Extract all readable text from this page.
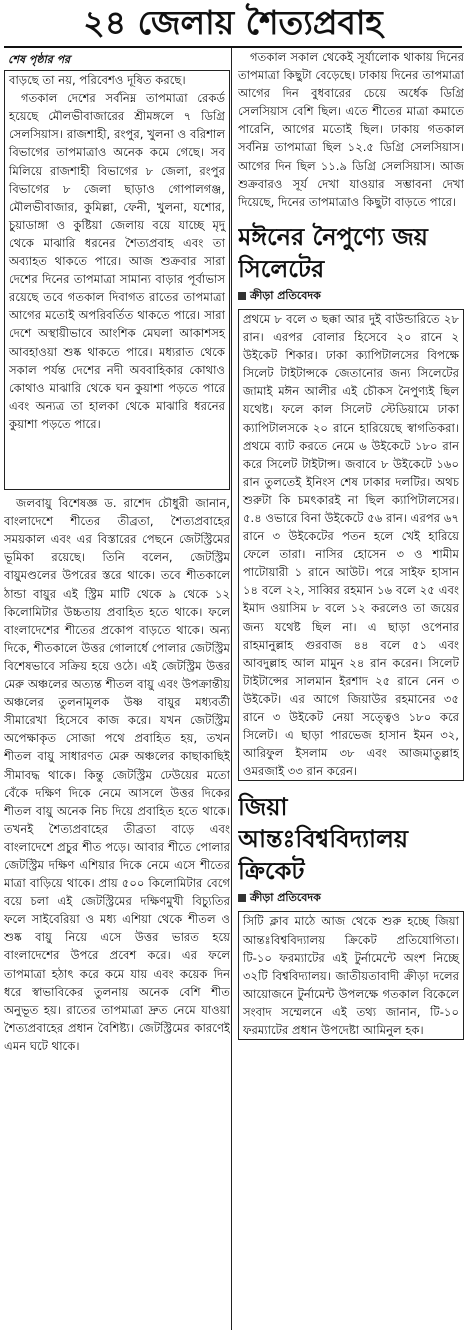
২৪ জেলায় শৈত্যপ্রবাহ
শেষ পৃষ্ঠার পর

বাড়ছে তা নয়, পরিবেশও দূষিত করছে।

গতকাল দেশের সর্বনিম্ন তাপমাত্রা রেকর্ড হয়েছে মৌলভীবাজারের শ্রীমঙ্গলে ৭ ডিগ্রি সেলসিয়াস। রাজশাহী, রংপুর, খুলনা ও বরিশাল বিভাগের তাপমাত্রাও অনেক কমে গেছে। সব মিলিয়ে রাজশাহী বিভাগের ৮ জেলা, রংপুর বিভাগের ৮ জেলা ছাড়াও গোপালগঞ্জ, মৌলভীবাজার, কুমিল্লা, ফেনী, খুলনা, যশোর, চুয়াডাঙ্গা ও কুষ্টিয়া জেলায় বয়ে যাচ্ছে মৃদু থেকে মাঝারি ধরনের শৈত্যপ্রবাহ এবং তা অব্যাহত থাকতে পারে। আজ শুক্রবার সারা দেশের দিনের তাপমাত্রা সামান্য বাড়ার পূর্বাভাস রয়েছে তবে গতকাল দিবাগত রাতের তাপমাত্রা আগের মতোই অপরিবর্তিত থাকতে পারে। সারা দেশে অস্থায়ীভাবে আংশিক মেঘলা আকাশসহ আবহাওয়া শুষ্ক থাকতে পারে। মধ্যরাত থেকে সকাল পর্যন্ত দেশের নদী অববাহিকার কোথাও কোথাও মাঝারি থেকে ঘন কুয়াশা পড়তে পারে এবং অন্যত্র তা হালকা থেকে মাঝারি ধরনের কুয়াশা পড়তে পারে।

জলবায়ু বিশেষজ্ঞ ড. রাশেদ চৌধুরী জানান, বাংলাদেশে শীতের তীব্রতা, শৈত্যপ্রবাহের সময়কাল এবং এর বিস্তারের পেছনে জেটস্ট্রিমের ভূমিকা রয়েছে। তিনি বলেন, জেটস্ট্রিম বায়ুমণ্ডলের উপরের স্তরে থাকে। তবে শীতকালে ঠান্ডা বায়ুর এই স্ট্রিম মাটি থেকে ৯ থেকে ১২ কিলোমিটার উচ্চতায় প্রবাহিত হতে থাকে। ফলে বাংলাদেশের শীতের প্রকোপ বাড়তে থাকে। অন্য দিকে, শীতকালে উত্তর গোলার্ধে পোলার জেটস্ট্রিম বিশেষভাবে সক্রিয় হয়ে ওঠে। এই জেটস্ট্রিম উত্তর মেরু অঞ্চলের অত্যন্ত শীতল বায়ু এবং উপক্রান্তীয় অঞ্চলের তুলনামূলক উষ্ণ বায়ুর মধ্যবর্তী সীমারেখা হিসেবে কাজ করে। যখন জেটস্ট্রিম অপেক্ষাকৃত সোজা পথে প্রবাহিত হয়, তখন শীতল বায়ু সাধারণত মেরু অঞ্চলের কাছাকাছিই সীমাবদ্ধ থাকে। কিন্তু জেটস্ট্রিম ঢেউয়ের মতো বেঁকে দক্ষিণ দিকে নেমে আসলে উত্তর দিকের শীতল বায়ু অনেক নিচ দিয়ে প্রবাহিত হতে থাকে। তখনই শৈত্যপ্রবাহের তীব্রতা বাড়ে এবং বাংলাদেশে প্রচুর শীত পড়ে। আবার শীতে পোলার জেটস্ট্রিম দক্ষিণ এশিয়ার দিকে নেমে এসে শীতের মাত্রা বাড়িয়ে থাকে। প্রায় ৫০০ কিলোমিটার বেগে বয়ে চলা এই জেটস্ট্রিমের দক্ষিণমুখী বিচ্যুতির ফলে সাইবেরিয়া ও মধ্য এশিয়া থেকে শীতল ও শুষ্ক বায়ু নিয়ে এসে উত্তর ভারত হয়ে বাংলাদেশের উপরে প্রবেশ করে। এর ফলে তাপমাত্রা হঠাৎ করে কমে যায় এবং কয়েক দিন ধরে স্বাভাবিকের তুলনায় অনেক বেশি শীত অনুভূত হয়। রাতের তাপমাত্রা দ্রুত নেমে যাওয়া শৈত্যপ্রবাহের প্রধান বৈশিষ্ট্য। জেটস্ট্রিমের কারণেই এমন ঘটে থাকে।

গতকাল সকাল থেকেই সূর্যালোক থাকায় দিনের তাপমাত্রা কিছুটা বেড়েছে। ঢাকায় দিনের তাপমাত্রা আগের দিন বুধবারের চেয়ে অর্ধেক ডিগ্রি সেলসিয়াস বেশি ছিল। এতে শীতের মাত্রা কমাতে পারেনি, আগের মতোই ছিল। ঢাকায় গতকাল সর্বনিম্ন তাপমাত্রা ছিল ১২.৫ ডিগ্রি সেলসিয়াস। আগের দিন ছিল ১১.৯ ডিগ্রি সেলসিয়াস। আজ শুক্রবারও সূর্য দেখা যাওয়ার সম্ভাবনা দেখা দিয়েছে, দিনের তাপমাত্রাও কিছুটা বাড়তে পারে।

মঈনের নৈপুণ্যে জয় সিলেটের
ক্রীড়া প্রতিবেদক

প্রথমে ৮ বলে ৩ ছক্কা আর দুই বাউন্ডারিতে ২৮ রান। এরপর বোলার হিসেবে ২০ রানে ২ উইকেট শিকার। ঢাকা ক্যাপিটালসের বিপক্ষে সিলেট টাইটান্সকে জেতানোর জন্য সিলেটের জামাই মঈন আলীর এই চৌকস নৈপুণ্যই ছিল যথেষ্ট। ফলে কাল সিলেট স্টেডিয়ামে ঢাকা ক্যাপিটালসকে ২০ রানে হারিয়েছে স্বাগতিকরা। প্রথমে ব্যাট করতে নেমে ৬ উইকেটে ১৮০ রান করে সিলেট টাইটান্স। জবাবে ৮ উইকেটে ১৬০ রান তুলতেই ইনিংস শেষ ঢাকার দলটির। অথচ শুরুটা কি চমৎকারই না ছিল ক্যাপিটালসের। ৫.৪ ওভারে বিনা উইকেটে ৫৬ রান। এরপর ৬৭ রানে ৩ উইকেটের পতন হলে খেই হারিয়ে ফেলে তারা। নাসির হোসেন ৩ ও শামীম পাটোয়ারী ১ রানে আউট। পরে সাইফ হাসান ১৪ বলে ২২, সাব্বির রহমান ১৬ বলে ২৫ এবং ইমাদ ওয়াসিম ৮ বলে ১২ করলেও তা জয়ের জন্য যথেষ্ট ছিল না। এ ছাড়া ওপেনার রাহমানুল্লাহ গুরবাজ ৪৪ বলে ৫১ এবং আবদুল্লাহ আল মামুন ২৪ রান করেন। সিলেট টাইটান্সের সালমান ইরশাদ ২৫ রানে নেন ৩ উইকেট। এর আগে জিয়াউর রহমানের ৩৫ রানে ৩ উইকেট নেয়া সত্ত্বেও ১৮০ করে সিলেট। এ ছাড়া পারভেজ হাসান ইমন ৩২, আরিফুল ইসলাম ৩৮ এবং আজমাতুল্লাহ ওমরজাই ৩৩ রান করেন।

জিয়া আন্তঃবিশ্ববিদ্যালয় ক্রিকেট
ক্রীড়া প্রতিবেদক

সিটি ক্লাব মাঠে আজ থেকে শুরু হচ্ছে জিয়া আন্তঃবিশ্ববিদ্যালয় ক্রিকেট প্রতিযোগিতা। টি-১০ ফরম্যাটের এই টুর্নামেন্টে অংশ নিচ্ছে ৩২টি বিশ্ববিদ্যালয়। জাতীয়তাবাদী ক্রীড়া দলের আয়োজনে টুর্নামেন্ট উপলক্ষে গতকাল বিকেলে সংবাদ সম্মেলনে এই তথ্য জানান, টি-১০ ফরম্যাটের প্রধান উপদেষ্টা আমিনুল হক।
